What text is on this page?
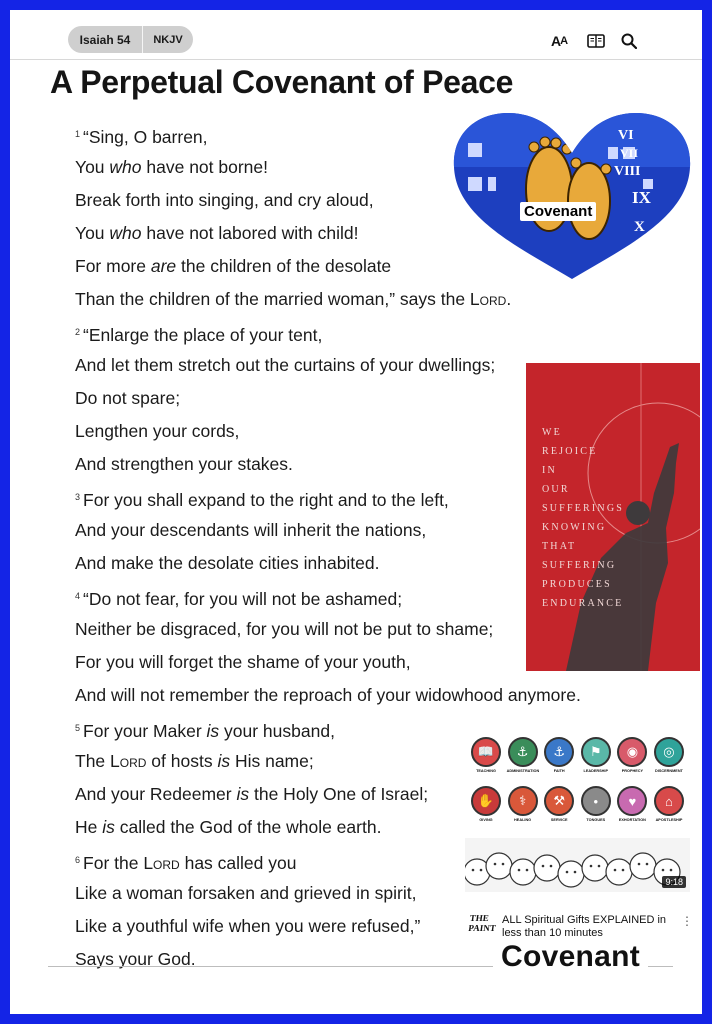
Isaiah 54	NKJV	A A
A Perpetual Covenant of Peace
$^1$ “Sing, O barren,
You who have not borne!
Break forth into singing, and cry aloud,
You who have not labored with child!
For more are the children of the desolate
Than the children of the married woman,” says the Lord.
$^2$ “Enlarge the place of your tent,
And let them stretch out the curtains of your dwellings;
Do not spare;
Lengthen your cords,
And strengthen your stakes.
$^3$ For you shall expand to the right and to the left,
And your descendants will inherit the nations,
And make the desolate cities inhabited.
$^4$ “Do not fear, for you will not be ashamed;
Neither be disgraced, for you will not be put to shame;
For you will forget the shame of your youth,
And will not remember the reproach of your widowhood anymore.
$^5$ For your Maker is your husband,
The Lord of hosts is His name;
And your Redeemer is the Holy One of Israel;
He is called the God of the whole earth.
$^6$ For the Lord has called you
Like a woman forsaken and grieved in spirit,
Like a youthful wife when you were refused,”
Says your God.
VI
VII
VIII
IX
X
Covenant
WE
REJOICE
IN
OUR
SUFFERINGS
KNOWING
THAT
SUFFERING
PRODUCES
ENDURANCE
📖
TEACHING
⚓
ADMINISTRATION
⚓
FAITH
⚑
LEADERSHIP
◉
PROPHECY
◎
DISCERNMENT
✋
GIVING
⚕
HEALING
⚒
SERVICE
•
TONGUES
♥
EXHORTATION
⌂
APOSTLESHIP
9:18
THE PAINT
ALL Spiritual Gifts EXPLAINED in less than 10 minutes
⋮
Covenant
